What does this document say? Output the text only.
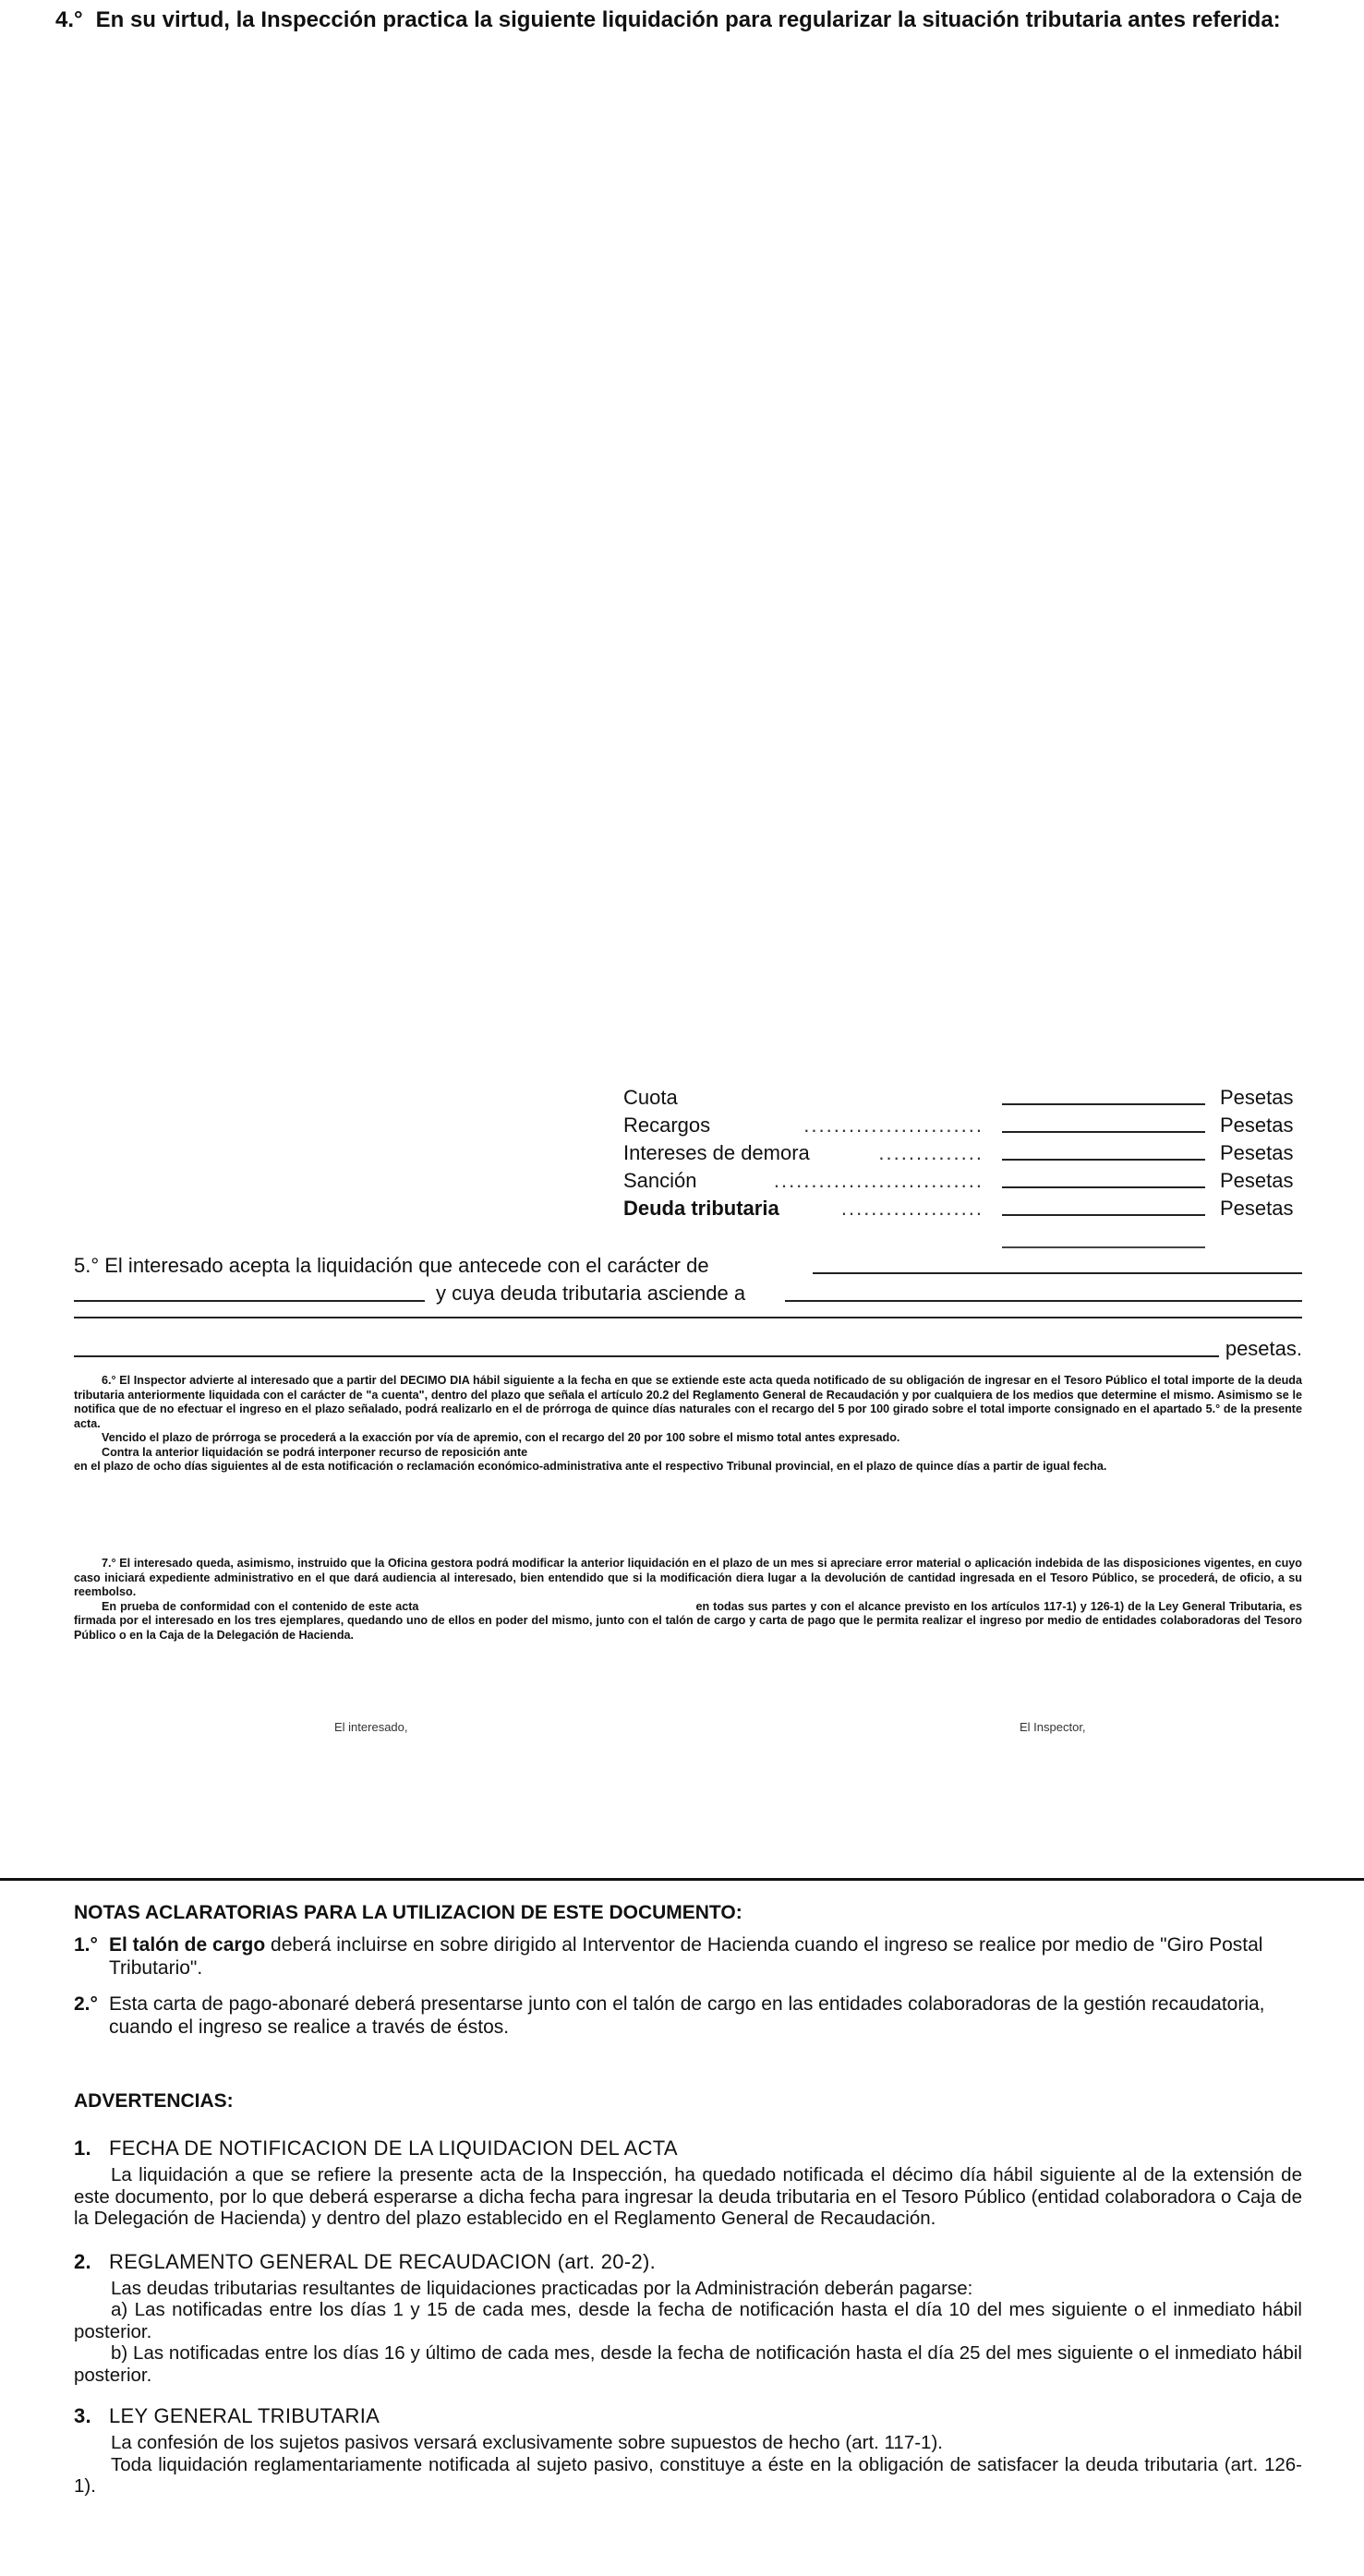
4.° En su virtud, la Inspección practica la siguiente liquidación para regularizar la situación tributaria antes referida:
Cuota	Pesetas
Recargos	........................	Pesetas
Intereses de demora	..............	Pesetas
Sanción	............................	Pesetas
Deuda tributaria	...................	Pesetas
5.° El interesado acepta la liquidación que antecede con el carácter de
y cuya deuda tributaria asciende a
pesetas.

6.° El Inspector advierte al interesado que a partir del DECIMO DIA hábil siguiente a la fecha en que se extiende este acta queda notificado de su obligación de ingresar en el Tesoro Público el total importe de la deuda tributaria anteriormente liquidada con el carácter de "a cuenta", dentro del plazo que señala el artículo 20.2 del Reglamento General de Recaudación y por cualquiera de los medios que determine el mismo. Asimismo se le notifica que de no efectuar el ingreso en el plazo señalado, podrá realizarlo en el de prórroga de quince días naturales con el recargo del 5 por 100 girado sobre el total importe consignado en el apartado 5.° de la presente acta.

Vencido el plazo de prórroga se procederá a la exacción por vía de apremio, con el recargo del 20 por 100 sobre el mismo total antes expresado.

Contra la anterior liquidación se podrá interponer recurso de reposición ante

en el plazo de ocho días siguientes al de esta notificación o reclamación económico-administrativa ante el respectivo Tribunal provincial, en el plazo de quince días a partir de igual fecha.

7.° El interesado queda, asimismo, instruido que la Oficina gestora podrá modificar la anterior liquidación en el plazo de un mes si apreciare error material o aplicación indebida de las disposiciones vigentes, en cuyo caso iniciará expediente administrativo en el que dará audiencia al interesado, bien entendido que si la modificación diera lugar a la devolución de cantidad ingresada en el Tesoro Público, se procederá, de oficio, a su reembolso.

En prueba de conformidad con el contenido de este acta	en todas sus partes y con el alcance previsto en los artículos 117-1) y 126-1) de la Ley General Tributaria, es firmada por el interesado en los tres ejemplares, quedando uno de ellos en poder del mismo, junto con el talón de cargo y carta de pago que le permita realizar el ingreso por medio de entidades colaboradoras del Tesoro Público o en la Caja de la Delegación de Hacienda.

El interesado,	El Inspector,
NOTAS ACLARATORIAS PARA LA UTILIZACION DE ESTE DOCUMENTO:
1.° El talón de cargo deberá incluirse en sobre dirigido al Interventor de Hacienda cuando el ingreso se realice por medio de "Giro Postal Tributario".
2.° Esta carta de pago-abonaré deberá presentarse junto con el talón de cargo en las entidades colaboradoras de la gestión recaudatoria, cuando el ingreso se realice a través de éstos.
ADVERTENCIAS:

1. FECHA DE NOTIFICACION DE LA LIQUIDACION DEL ACTA

La liquidación a que se refiere la presente acta de la Inspección, ha quedado notificada el décimo día hábil siguiente al de la extensión de este documento, por lo que deberá esperarse a dicha fecha para ingresar la deuda tributaria en el Tesoro Público (entidad colaboradora o Caja de la Delegación de Hacienda) y dentro del plazo establecido en el Reglamento General de Recaudación.

2. REGLAMENTO GENERAL DE RECAUDACION (art. 20-2).

Las deudas tributarias resultantes de liquidaciones practicadas por la Administración deberán pagarse:

a) Las notificadas entre los días 1 y 15 de cada mes, desde la fecha de notificación hasta el día 10 del mes siguiente o el inmediato hábil posterior.

b) Las notificadas entre los días 16 y último de cada mes, desde la fecha de notificación hasta el día 25 del mes siguiente o el inmediato hábil posterior.

3. LEY GENERAL TRIBUTARIA

La confesión de los sujetos pasivos versará exclusivamente sobre supuestos de hecho (art. 117-1).

Toda liquidación reglamentariamente notificada al sujeto pasivo, constituye a éste en la obligación de satisfacer la deuda tributaria (art. 126-1).
